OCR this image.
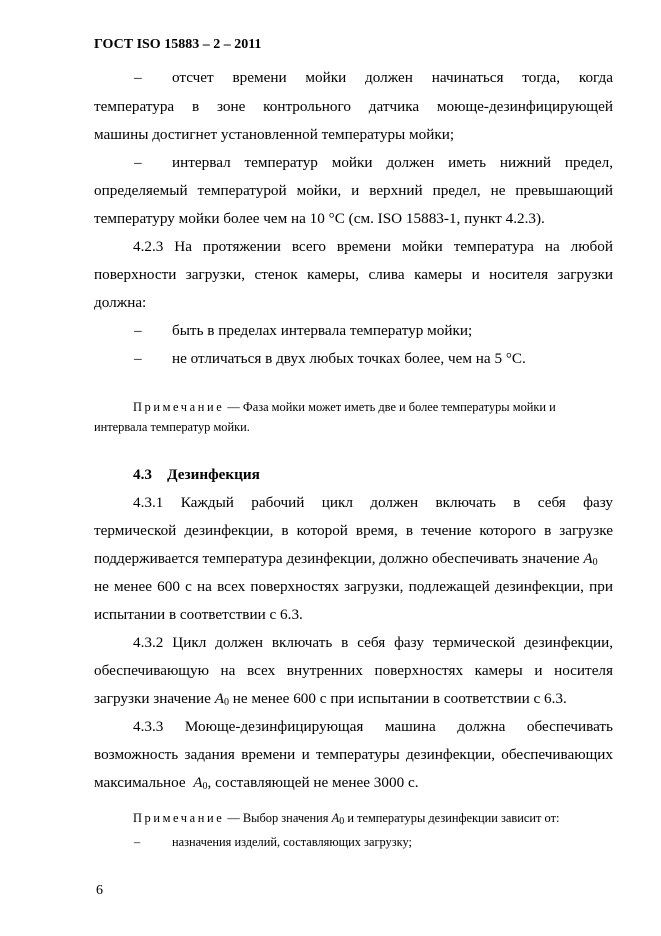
ГОСТ ISO 15883 – 2 – 2011
– отсчет времени мойки должен начинаться тогда, когда
температура в зоне контрольного датчика моюще-дезинфицирующей
машины достигнет установленной температуры мойки;
– интервал температур мойки должен иметь нижний предел,
определяемый температурой мойки, и верхний предел, не превышающий
температуру мойки более чем на 10 °С (см. ISO 15883-1, пункт 4.2.3).
4.2.3 На протяжении всего времени мойки температура на любой
поверхности загрузки, стенок камеры, слива камеры и носителя загрузки
должна:
– быть в пределах интервала температур мойки;
– не отличаться в двух любых точках более, чем на 5 °С.
Примечание — Фаза мойки может иметь две и более температуры мойки и
интервала температур мойки.
4.3 Дезинфекция
4.3.1 Каждый рабочий цикл должен включать в себя фазу
термической дезинфекции, в которой время, в течение которого в загрузке
поддерживается температура дезинфекции, должно обеспечивать значение $A_0$
не менее 600 с на всех поверхностях загрузки, подлежащей дезинфекции, при
испытании в соответствии с 6.3.
4.3.2 Цикл должен включать в себя фазу термической дезинфекции,
обеспечивающую на всех внутренних поверхностях камеры и носителя
загрузки значение $A_0$ не менее 600 с при испытании в соответствии с 6.3.
4.3.3 Моюще-дезинфицирующая машина должна обеспечивать
возможность задания времени и температуры дезинфекции, обеспечивающих
максимальное $A_0$, составляющей не менее 3000 с.
Примечание — Выбор значения $A_0$ и температуры дезинфекции зависит от:
–	назначения изделий, составляющих загрузку;
6
